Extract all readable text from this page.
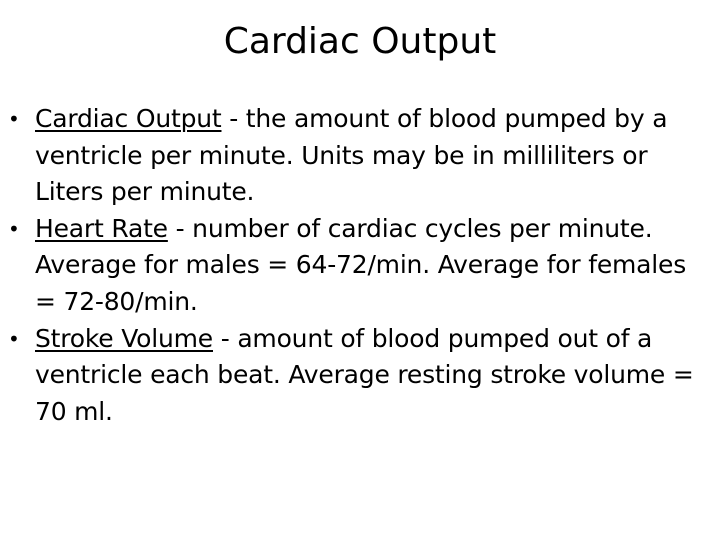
Cardiac Output
• Cardiac Output - the amount of blood pumped by a ventricle per minute. Units may be in milliliters or Liters per minute.
• Heart Rate - number of cardiac cycles per minute. Average for males = 64-72/min. Average for females = 72-80/min.
• Stroke Volume - amount of blood pumped out of a ventricle each beat. Average resting stroke volume = 70 ml.
